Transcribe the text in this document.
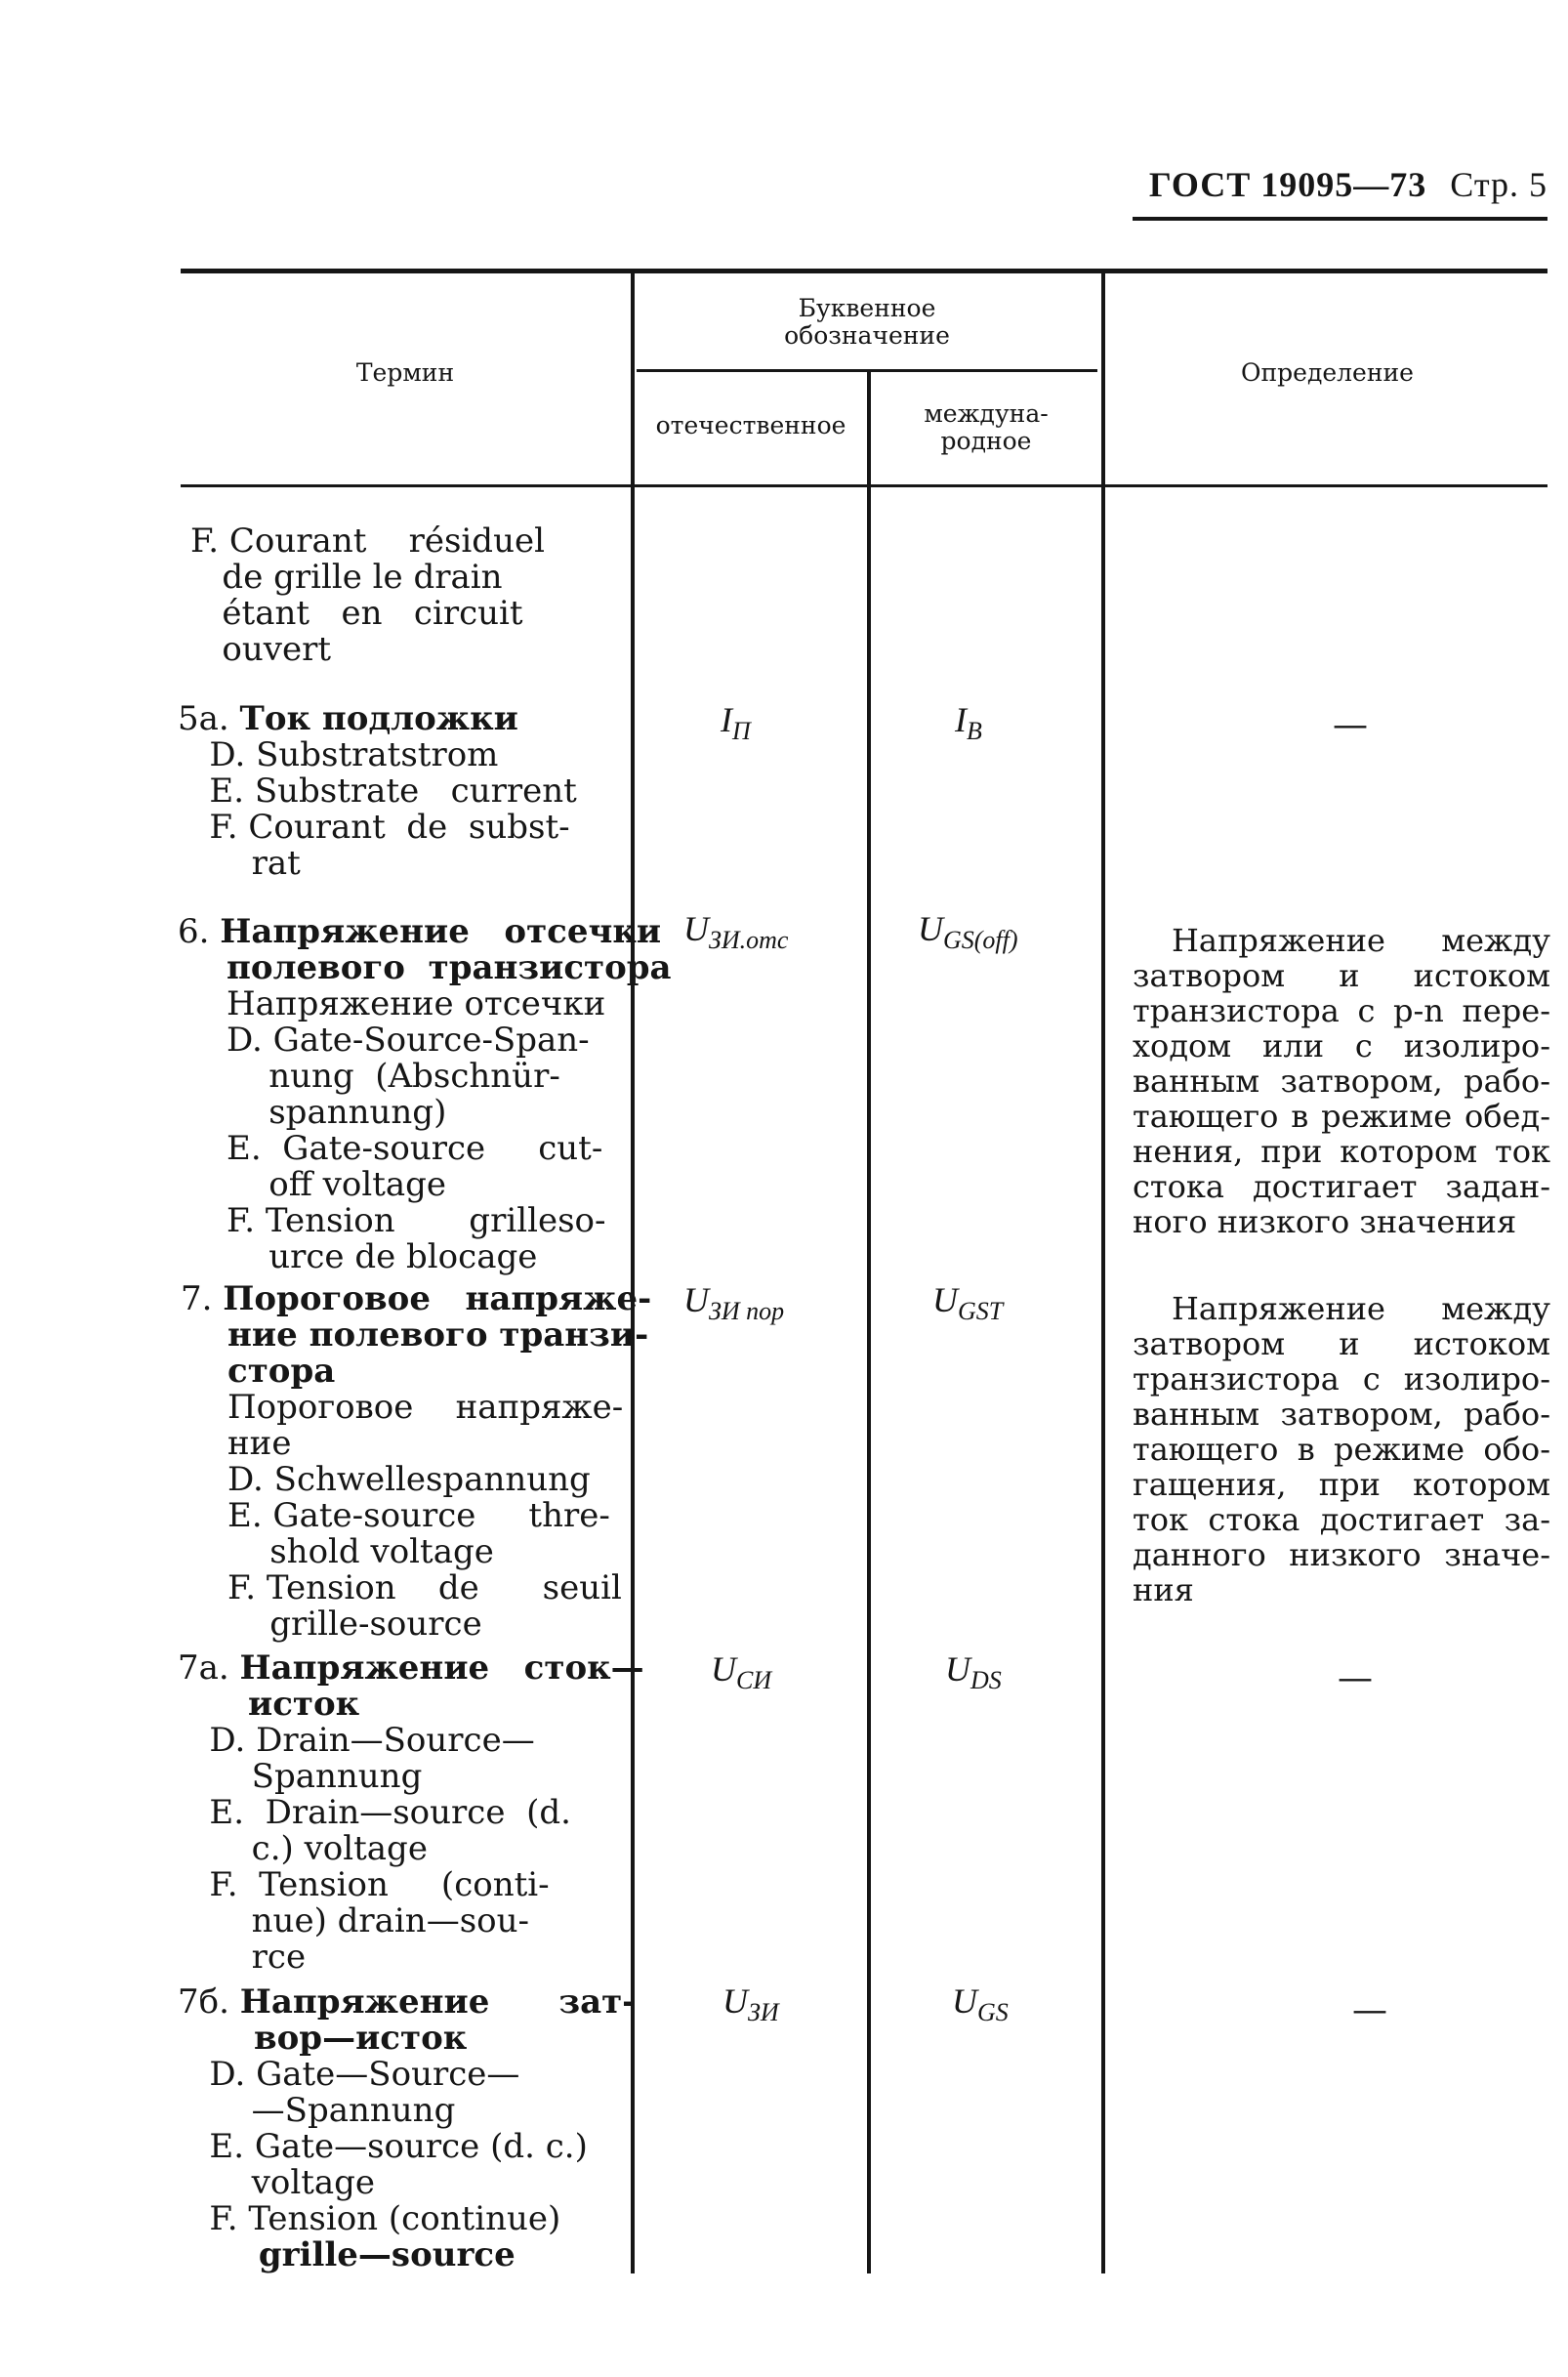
ГОСТ 19095—73 Стр. 5
Термин
Буквенное
обозначение
отечественное	междуна-
родное
Определение
F. Courant    résiduel
de grille le drain
étant   en   circuit
ouvert
5a. Ток подложки
D. Substratstrom
E. Substrate   current
F. Courant  de  subst-
rat
$I_П$	$I_B$	—
6. Напряжение   отсечки
полевого  транзистора
Напряжение отсечки
D. Gate-Source-Span-
nung  (Abschnür-
spannung)
E.  Gate-source     cut-
off voltage
F. Tension       grilleso-
urce de blocage
$U_{ЗИ.отс}$	$U_{GS(off)}$	Напряжение между
затвором и истоком
транзистора с p-n пере-
ходом или с изолиро-
ванным затвором, рабо-
тающего в режиме обед-
нения, при котором ток
стока достигает задан-
ного низкого значения
7. Пороговое   напряже-
ние полевого транзи-
стора
Пороговое    напряже-
ние
D. Schwellespannung
E. Gate-source     thre-
shold voltage
F. Tension    de      seuil
grille-source
$U_{ЗИ пор}$	$U_{GST}$	Напряжение между
затвором и истоком
транзистора с изолиро-
ванным затвором, рабо-
тающего в режиме обо-
гащения, при котором
ток стока достигает за-
данного низкого значе-
ния
7a. Напряжение   сток—
исток
D. Drain—Source—
Spannung
E.  Drain—source  (d.
c.) voltage
F.  Tension     (conti-
nue) drain—sou-
rce
$U_{СИ}$	$U_{DS}$	—
7б. Напряжение      зат-
вор—исток
D. Gate—Source—
—Spannung
E. Gate—source (d. c.)
voltage
F. Tension (continue)
grille—source
$U_{ЗИ}$	$U_{GS}$	—
